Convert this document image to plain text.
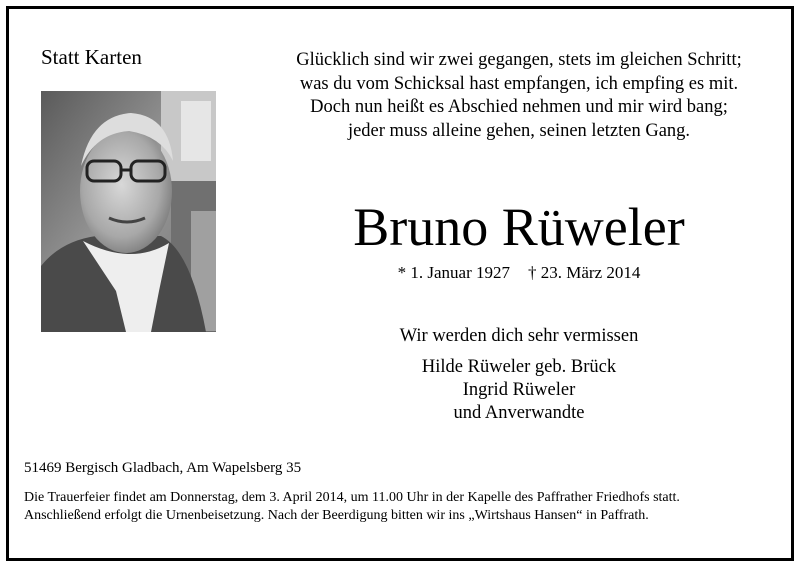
Statt Karten	Glücklich sind wir zwei gegangen, stets im gleichen Schritt;
was du vom Schicksal hast empfangen, ich empfing es mit.
Doch nun heißt es Abschied nehmen und mir wird bang;
jeder muss alleine gehen, seinen letzten Gang.
Bruno Rüweler
* 1. Januar 1927 † 23. März 2014
Wir werden dich sehr vermissen
Hilde Rüweler geb. Brück
Ingrid Rüweler
und Anverwandte
51469 Bergisch Gladbach, Am Wapelsberg 35
Die Trauerfeier findet am Donnerstag, dem 3. April 2014, um 11.00 Uhr in der Kapelle des Paffrather Friedhofs statt.
Anschließend erfolgt die Urnenbeisetzung. Nach der Beerdigung bitten wir ins „Wirtshaus Hansen“ in Paffrath.
